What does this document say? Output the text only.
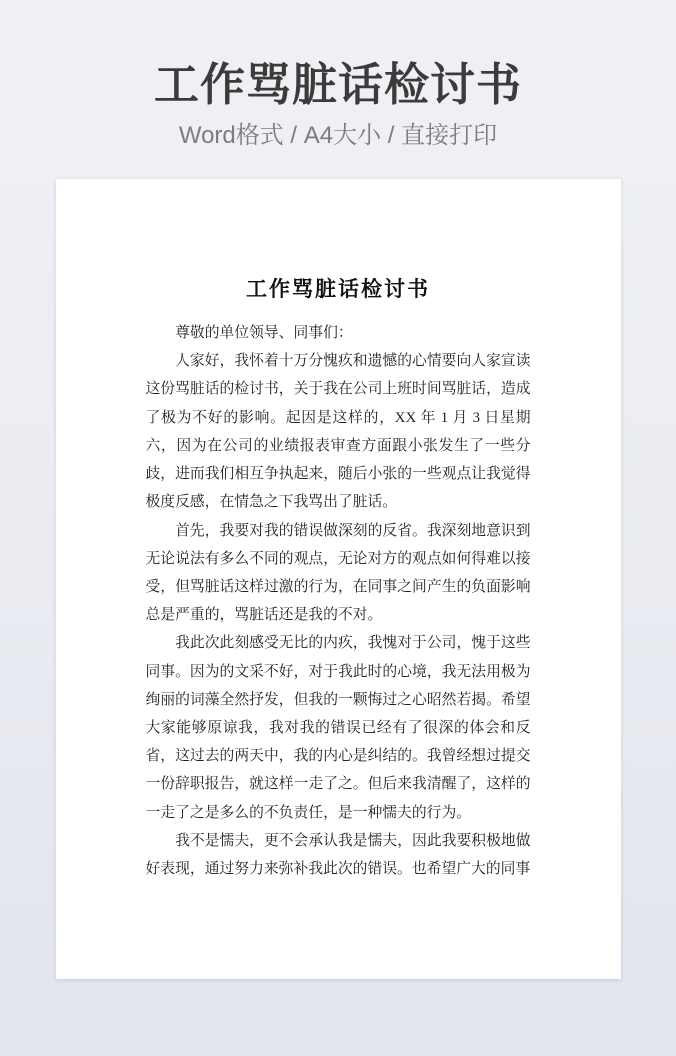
工作骂脏话检讨书
Word格式 / A4大小 / 直接打印
工作骂脏话检讨书

尊敬的单位领导、同事们：

人家好，我怀着十万分愧疚和遗憾的心情要向人家宣读这份骂脏话的检讨书，关于我在公司上班时间骂脏话，造成了极为不好的影响。起因是这样的，XX 年 1 月 3 日星期六，因为在公司的业绩报表审查方面跟小张发生了一些分歧，进而我们相互争执起来，随后小张的一些观点让我觉得极度反感，在情急之下我骂出了脏话。

首先，我要对我的错误做深刻的反省。我深刻地意识到无论说法有多么不同的观点，无论对方的观点如何得难以接受，但骂脏话这样过激的行为，在同事之间产生的负面影响总是严重的，骂脏话还是我的不对。

我此次此刻感受无比的内疚，我愧对于公司，愧于这些同事。因为的文采不好，对于我此时的心境，我无法用极为绚丽的词藻全然抒发，但我的一颗悔过之心昭然若揭。希望大家能够原谅我，我对我的错误已经有了很深的体会和反省，这过去的两天中，我的内心是纠结的。我曾经想过提交一份辞职报告，就这样一走了之。但后来我清醒了，这样的一走了之是多么的不负责任，是一种懦夫的行为。

我不是懦夫，更不会承认我是懦夫，因此我要积极地做好表现，通过努力来弥补我此次的错误。也希望广大的同事
